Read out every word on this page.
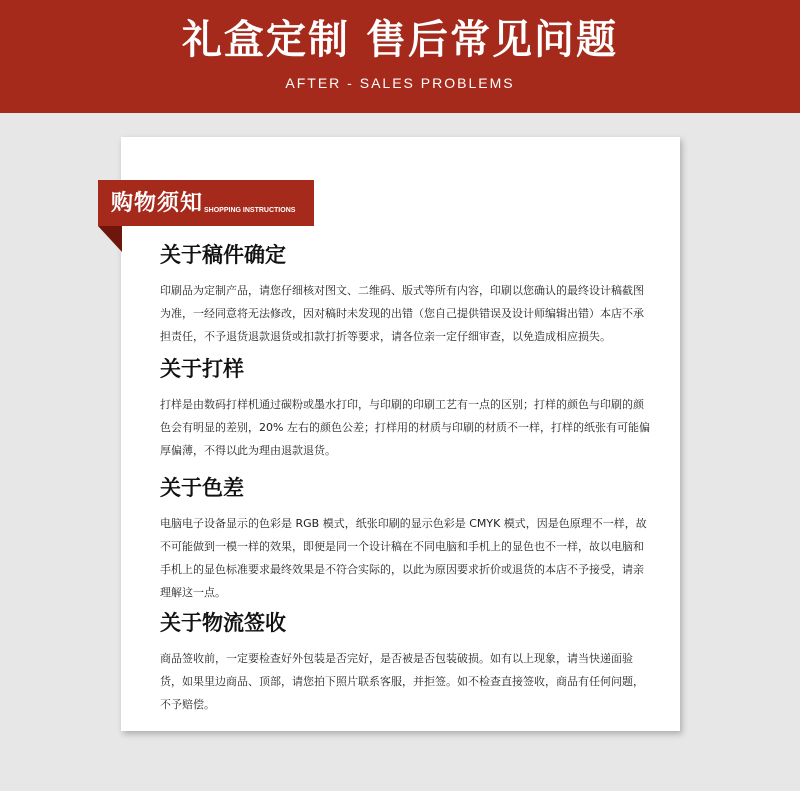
礼盒定制 售后常见问题
AFTER - SALES PROBLEMS
购物须知 SHOPPING INSTRUCTIONS
关于稿件确定

印刷品为定制产品，请您仔细核对图文、二维码、版式等所有内容，印刷以您确认的最终设计稿截图为准，一经同意将无法修改，因对稿时未发现的出错（您自己提供错误及设计师编辑出错）本店不承担责任，不予退货退款退货或扣款打折等要求，请各位亲一定仔细审查，以免造成相应损失。

关于打样

打样是由数码打样机通过碳粉或墨水打印，与印刷的印刷工艺有一点的区别；打样的颜色与印刷的颜色会有明显的差别，20% 左右的颜色公差；打样用的材质与印刷的材质不一样，打样的纸张有可能偏厚偏薄，不得以此为理由退款退货。

关于色差

电脑电子设备显示的色彩是 RGB 模式，纸张印刷的显示色彩是 CMYK 模式，因是色原理不一样，故不可能做到一模一样的效果，即便是同一个设计稿在不同电脑和手机上的显色也不一样，故以电脑和手机上的显色标准要求最终效果是不符合实际的，以此为原因要求折价或退货的本店不予接受，请亲理解这一点。

关于物流签收

商品签收前，一定要检查好外包装是否完好，是否被是否包装破损。如有以上现象，请当快递面验货，如果里边商品、顶部，请您拍下照片联系客服，并拒签。如不检查直接签收，商品有任何问题，不予赔偿。
